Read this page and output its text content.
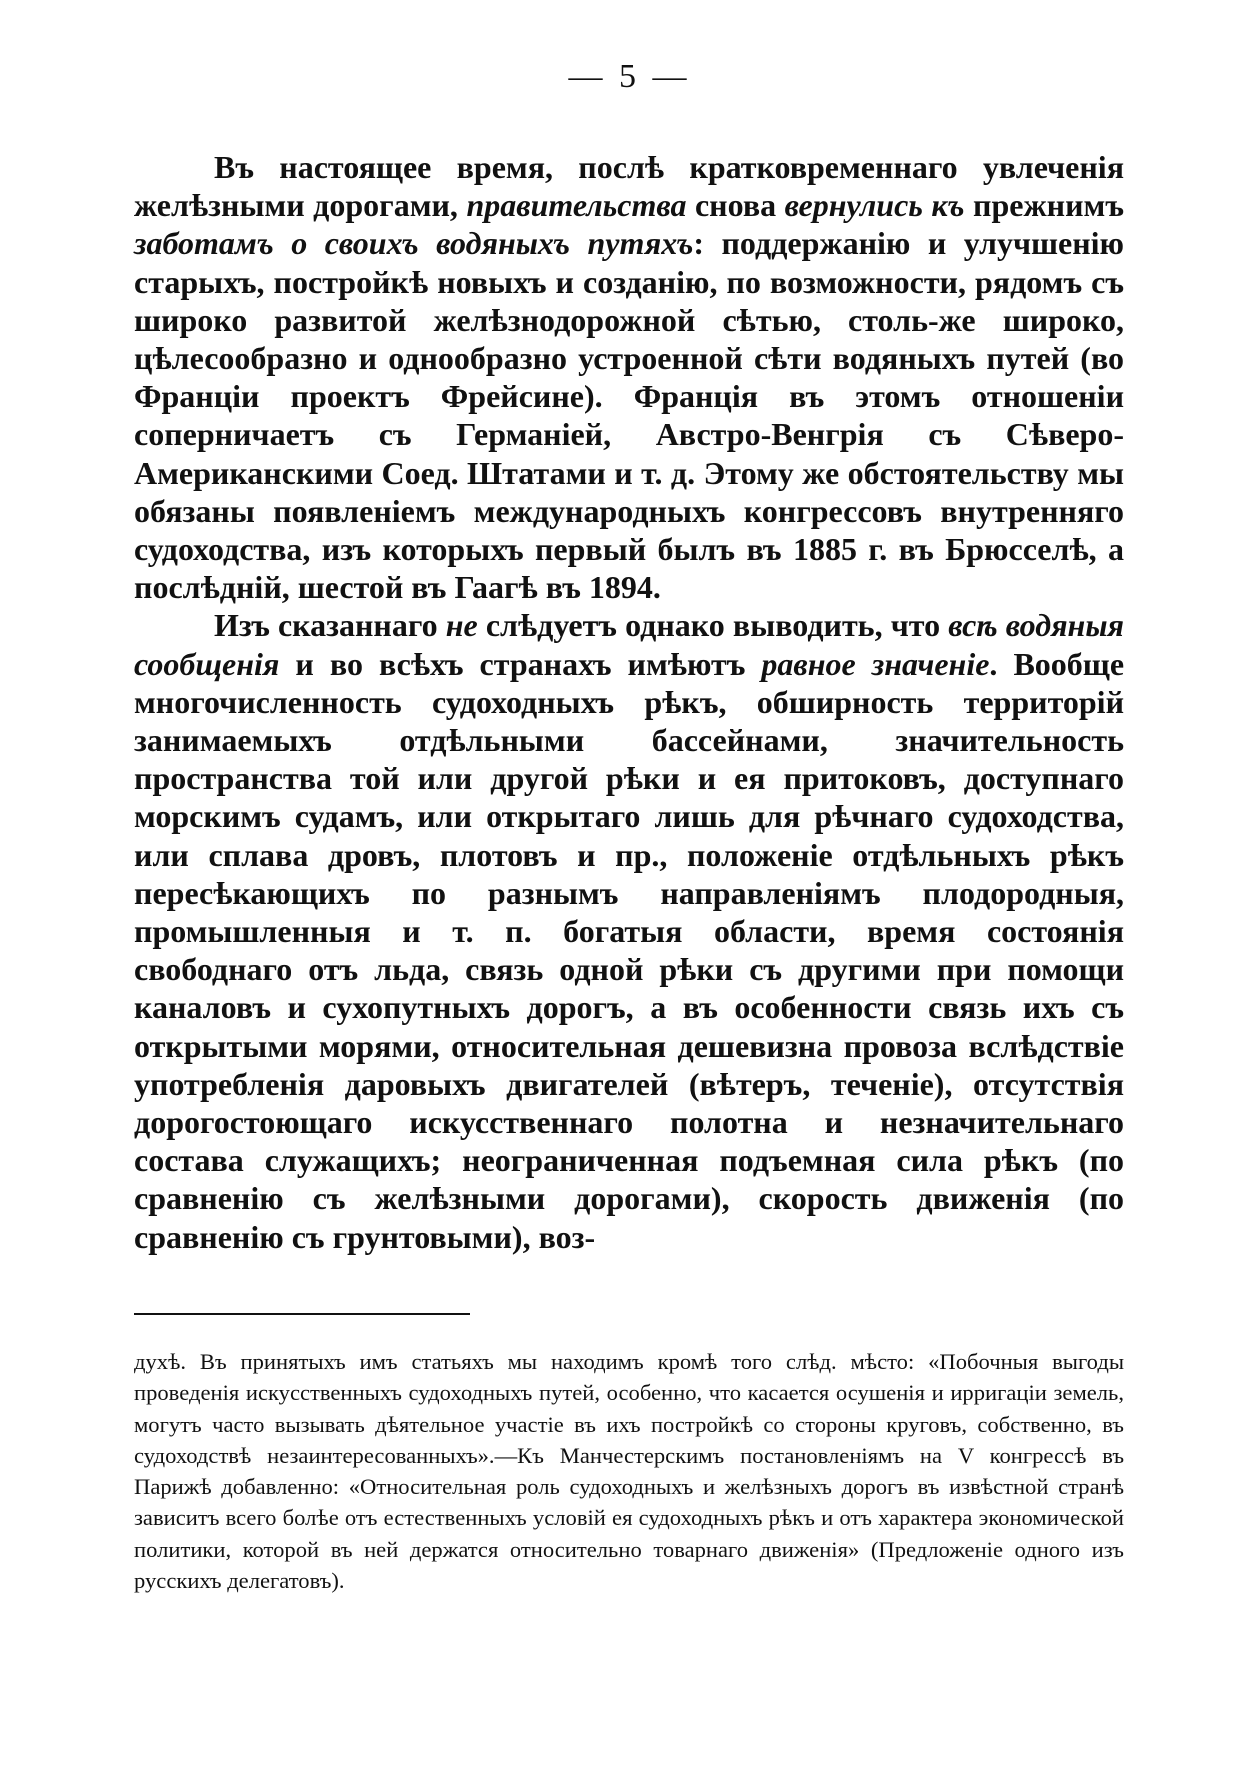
— 5 —

Въ настоящее время, послѣ кратковременнаго увлеченія желѣзными дорогами, правительства снова вернулись къ прежнимъ заботамъ о своихъ водяныхъ путяхъ: поддержанію и улучшенію старыхъ, постройкѣ новыхъ и созданію, по возможности, рядомъ съ широко развитой желѣзнодорожной сѣтью, столь-же широко, цѣлесообразно и однообразно устроенной сѣти водяныхъ путей (во Франціи проектъ Фрейсине). Франція въ этомъ отношеніи соперничаетъ съ Германіей, Австро-Венгрія съ Сѣверо-Американскими Соед. Штатами и т. д. Этому же обстоятельству мы обязаны появленіемъ международныхъ конгрессовъ внутренняго судоходства, изъ которыхъ первый былъ въ 1885 г. въ Брюсселѣ, а послѣдній, шестой въ Гаагѣ въ 1894.

Изъ сказаннаго не слѣдуетъ однако выводить, что всѣ водяныя сообщенія и во всѣхъ странахъ имѣютъ равное значеніе. Вообще многочисленность судоходныхъ рѣкъ, обширность территорій занимаемыхъ отдѣльными бассейнами, значительность пространства той или другой рѣки и ея притоковъ, доступнаго морскимъ судамъ, или открытаго лишь для рѣчнаго судоходства, или сплава дровъ, плотовъ и пр., положеніе отдѣльныхъ рѣкъ пересѣкающихъ по разнымъ направленіямъ плодородныя, промышленныя и т. п. богатыя области, время состоянія свободнаго отъ льда, связь одной рѣки съ другими при помощи каналовъ и сухопутныхъ дорогъ, а въ особенности связь ихъ съ открытыми морями, относительная дешевизна провоза вслѣдствіе употребленія даровыхъ двигателей (вѣтеръ, теченіе), отсутствія дорогостоющаго искусственнаго полотна и незначительнаго состава служащихъ; неограниченная подъемная сила рѣкъ (по сравненію съ желѣзными дорогами), скорость движенія (по сравненію съ грунтовыми), воз-

духѣ. Въ принятыхъ имъ статьяхъ мы находимъ кромѣ того слѣд. мѣсто: «Побочныя выгоды проведенія искусственныхъ судоходныхъ путей, особенно, что касается осушенія и ирригаціи земель, могутъ часто вызывать дѣятельное участіе въ ихъ постройкѣ со стороны круговъ, собственно, въ судоходствѣ незаинтересованныхъ».—Къ Манчестерскимъ постановленіямъ на V конгрессѣ въ Парижѣ добавленно: «Относительная роль судоходныхъ и желѣзныхъ дорогъ въ извѣстной странѣ зависитъ всего болѣе отъ естественныхъ условій ея судоходныхъ рѣкъ и отъ характера экономической политики, которой въ ней держатся относительно товарнаго движенія» (Предложеніе одного изъ русскихъ делегатовъ).
